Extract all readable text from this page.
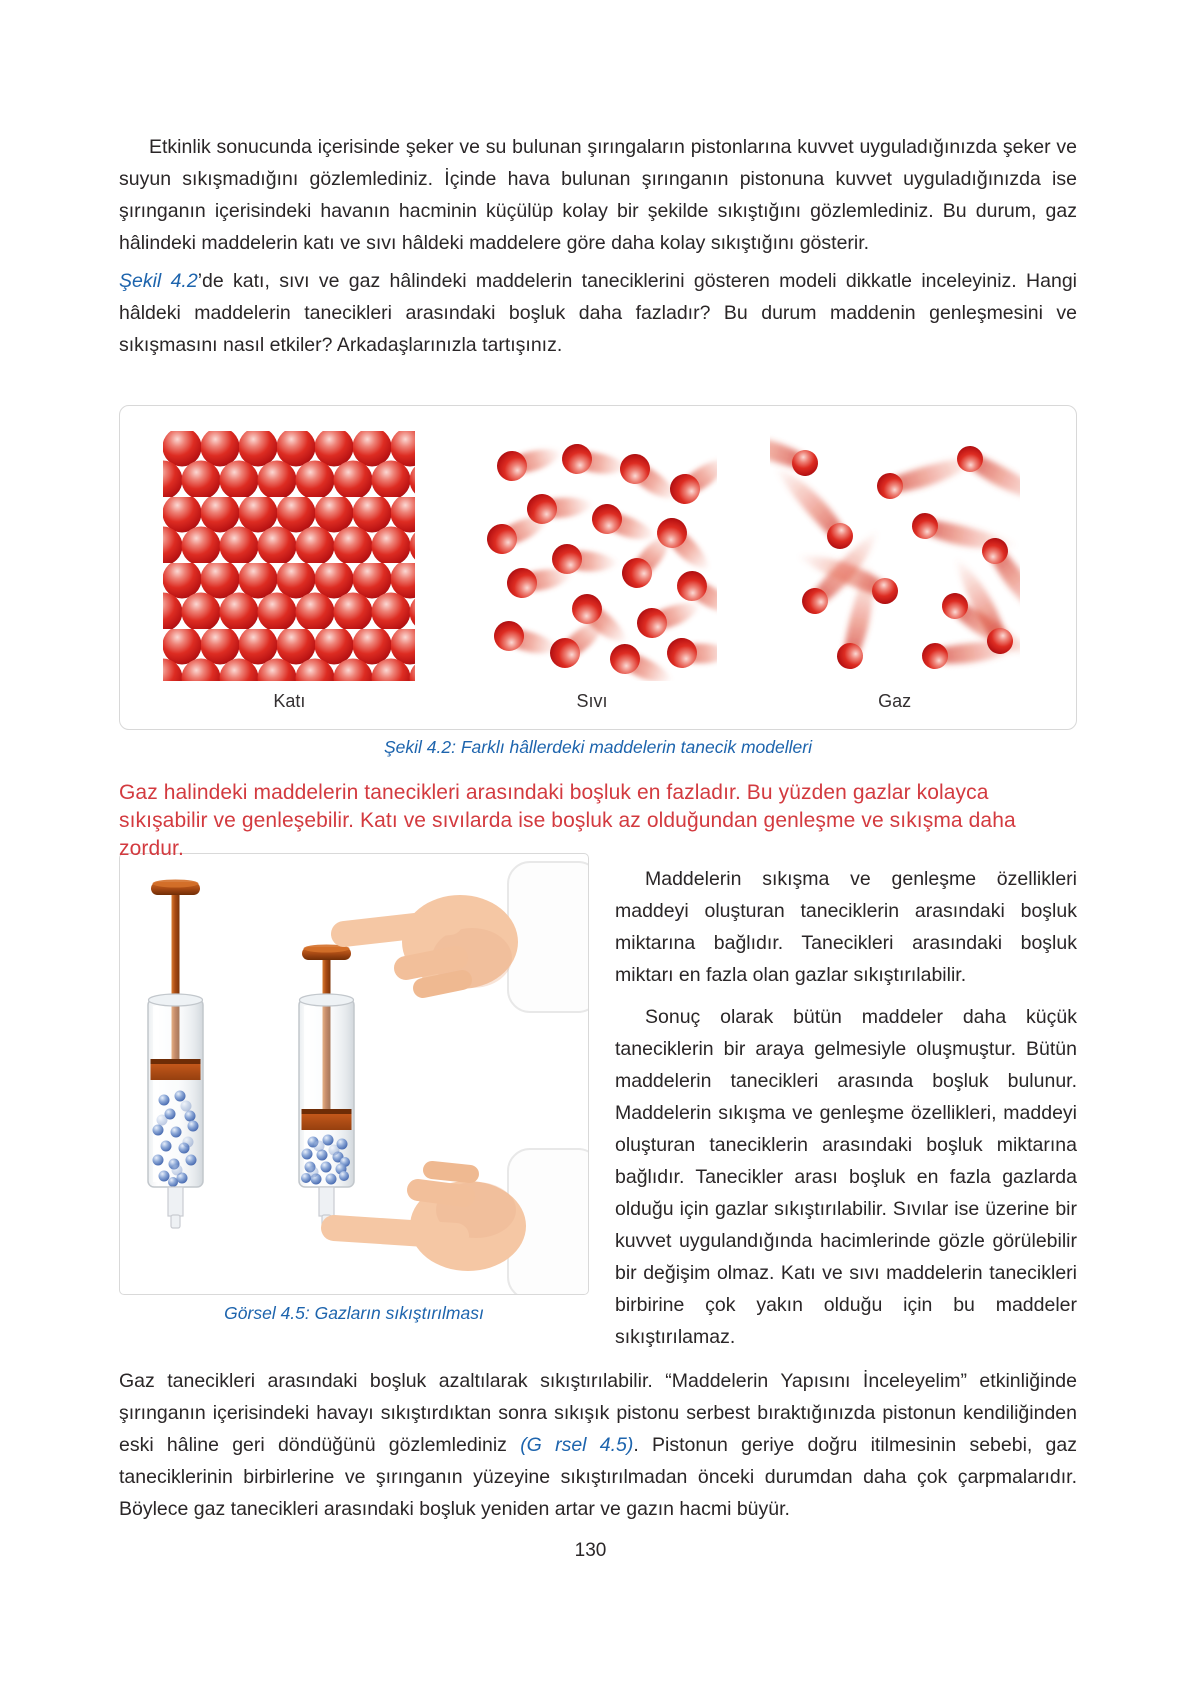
Etkinlik sonucunda içerisinde şeker ve su bulunan şırıngaların pistonlarına kuvvet uyguladığınızda şeker ve suyun sıkışmadığını gözlemlediniz. İçinde hava bulunan şırınganın pistonuna kuvvet uyguladığınızda ise şırınganın içerisindeki havanın hacminin küçülüp kolay bir şekilde sıkıştığını gözlemlediniz. Bu durum, gaz hâlindeki maddelerin katı ve sıvı hâldeki maddelere göre daha kolay sıkıştığını gösterir.

Şekil 4.2’de katı, sıvı ve gaz hâlindeki maddelerin taneciklerini gösteren modeli dikkatle inceleyiniz. Hangi hâldeki maddelerin tanecikleri arasındaki boşluk daha fazladır? Bu durum maddenin genleşmesini ve sıkışmasını nasıl etkiler? Arkadaşlarınızla tartışınız.

Katı	Sıvı	Gaz
Şekil 4.2: Farklı hâllerdeki maddelerin tanecik modelleri

Gaz halindeki maddelerin tanecikleri arasındaki boşluk en fazladır. Bu yüzden gazlar kolayca sıkışabilir ve genleşebilir. Katı ve sıvılarda ise boşluk az olduğundan genleşme ve sıkışma daha zordur.

Görsel 4.5: Gazların sıkıştırılması

Maddelerin sıkışma ve genleşme özellikleri maddeyi oluşturan taneciklerin arasındaki boşluk miktarına bağlıdır. Tanecikleri arasındaki boşluk miktarı en fazla olan gazlar sıkıştırılabilir.

Sonuç olarak bütün maddeler daha küçük taneciklerin bir araya gelmesiyle oluşmuştur. Bütün maddelerin tanecikleri arasında boşluk bulunur. Maddelerin sıkışma ve genleşme özellikleri, maddeyi oluşturan taneciklerin arasındaki boşluk miktarına bağlıdır. Tanecikler arası boşluk en fazla gazlarda olduğu için gazlar sıkıştırılabilir. Sıvılar ise üzerine bir kuvvet uygulandığında hacimlerinde gözle görülebilir bir değişim olmaz. Katı ve sıvı maddelerin tanecikleri birbirine çok yakın olduğu için bu maddeler sıkıştırılamaz.

Gaz tanecikleri arasındaki boşluk azaltılarak sıkıştırılabilir. “Maddelerin Yapısını İnceleyelim” etkinliğinde şırınganın içerisindeki havayı sıkıştırdıktan sonra sıkışık pistonu serbest bıraktığınızda pistonun kendiliğinden eski hâline geri döndüğünü gözlemlediniz (G rsel 4.5). Pistonun geriye doğru itilmesinin sebebi, gaz taneciklerinin birbirlerine ve şırınganın yüzeyine sıkıştırılmadan önceki durumdan daha çok çarpmalarıdır. Böylece gaz tanecikleri arasındaki boşluk yeniden artar ve gazın hacmi büyür.

130
